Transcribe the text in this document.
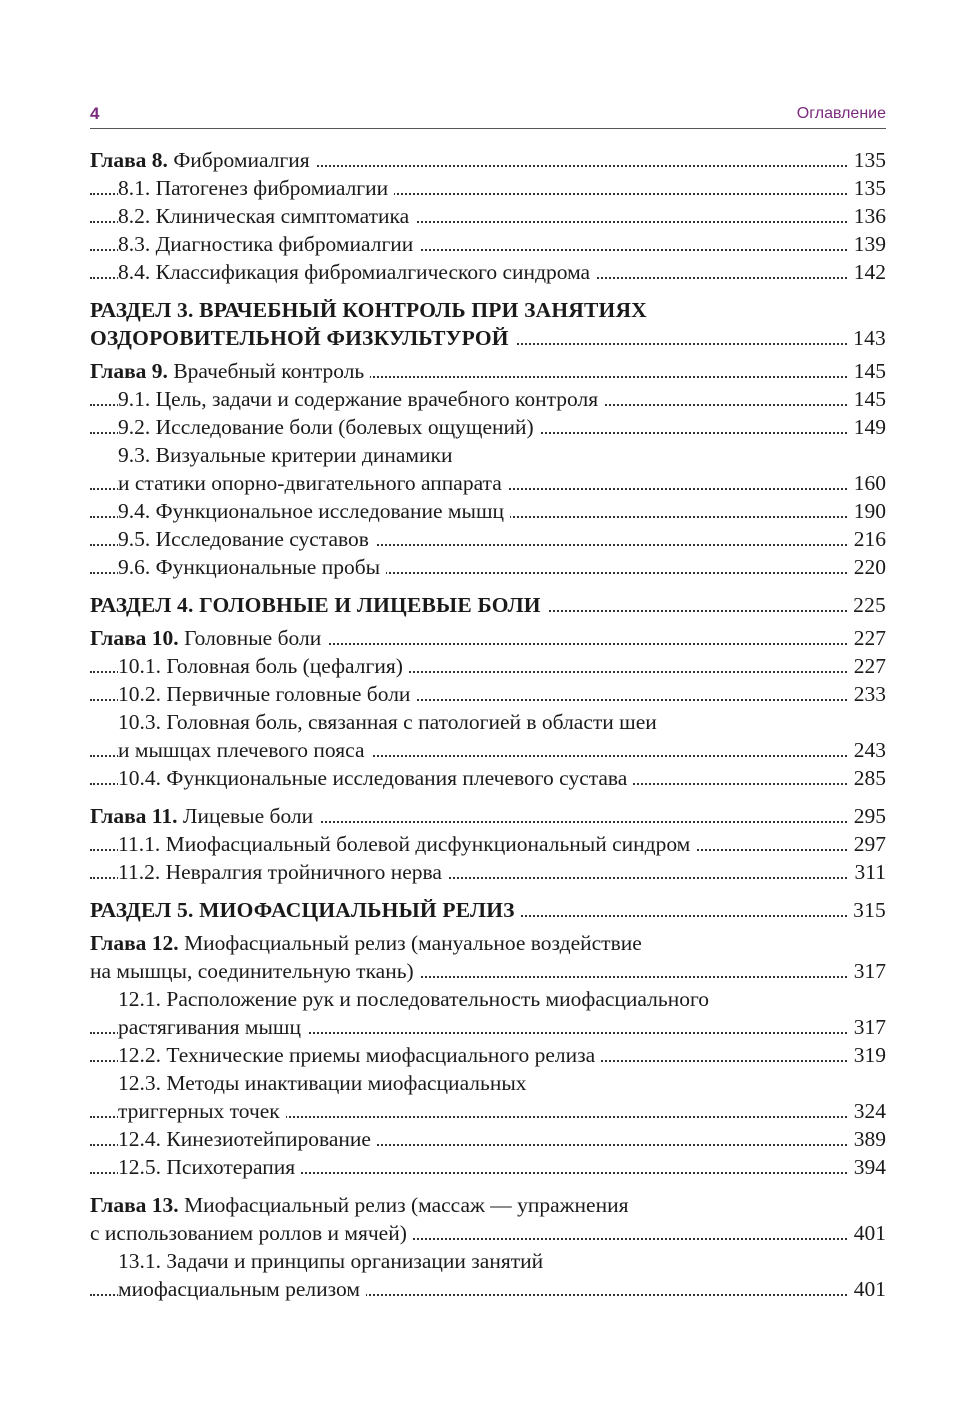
4	Оглавление
Глава 8. Фибромиалгия	135
8.1. Патогенез фибромиалгии	135
8.2. Клиническая симптоматика	136
8.3. Диагностика фибромиалгии	139
8.4. Классификация фибромиалгического синдрома	142
РАЗДЕЛ 3. ВРАЧЕБНЫЙ КОНТРОЛЬ ПРИ ЗАНЯТИЯХ
ОЗДОРОВИТЕЛЬНОЙ ФИЗКУЛЬТУРОЙ	143
Глава 9. Врачебный контроль	145
9.1. Цель, задачи и содержание врачебного контроля	145
9.2. Исследование боли (болевых ощущений)	149
9.3. Визуальные критерии динамики
и статики опорно-двигательного аппарата	160
9.4. Функциональное исследование мышц	190
9.5. Исследование суставов	216
9.6. Функциональные пробы	220
РАЗДЕЛ 4. ГОЛОВНЫЕ И ЛИЦЕВЫЕ БОЛИ	225
Глава 10. Головные боли	227
10.1. Головная боль (цефалгия)	227
10.2. Первичные головные боли	233
10.3. Головная боль, связанная с патологией в области шеи
и мышцах плечевого пояса	243
10.4. Функциональные исследования плечевого сустава	285
Глава 11. Лицевые боли	295
11.1. Миофасциальный болевой дисфункциональный синдром	297
11.2. Невралгия тройничного нерва	311
РАЗДЕЛ 5. МИОФАСЦИАЛЬНЫЙ РЕЛИЗ	315
Глава 12. Миофасциальный релиз (мануальное воздействие
на мышцы, соединительную ткань)	317
12.1. Расположение рук и последовательность миофасциального
растягивания мышц	317
12.2. Технические приемы миофасциального релиза	319
12.3. Методы инактивации миофасциальных
триггерных точек	324
12.4. Кинезиотейпирование	389
12.5. Психотерапия	394
Глава 13. Миофасциальный релиз (массаж — упражнения
с использованием роллов и мячей)	401
13.1. Задачи и принципы организации занятий
миофасциальным релизом	401
